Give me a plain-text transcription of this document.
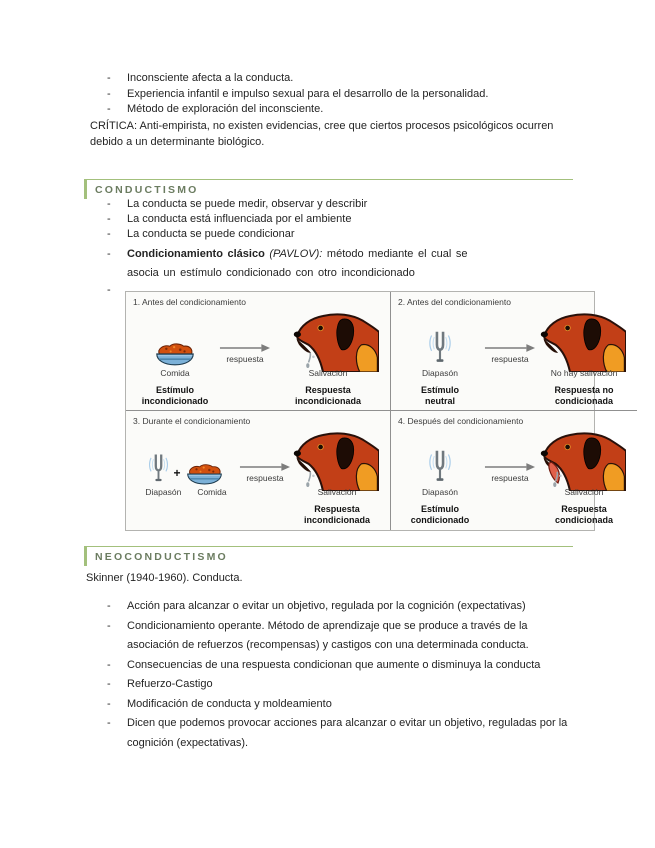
- Inconsciente afecta a la conducta.
- Experiencia infantil e impulso sexual para el desarrollo de la personalidad.
- Método de exploración del inconsciente.

CRÍTICA: Anti-empirista, no existen evidencias, cree que ciertos procesos psicológicos ocurren debido a un determinante biológico.

CONDUCTISMO
- La conducta se puede medir, observar y describir
- La conducta está influenciada por el ambiente
- La conducta se puede condicionar
- Condicionamiento clásico (PAVLOV): método mediante el cual se
asocia un estímulo condicionado con otro incondicionado
-
1. Antes del condicionamiento
respuesta
Comida	Salivación
Estímulo incondicionado
Respuesta incondicionada
2. Antes del condicionamiento
respuesta
Diapasón	No hay salivación
Estímulo neutral
Respuesta no condicionada
3. Durante el condicionamiento
+	respuesta
Diapasón Comida	Salivación
Respuesta incondicionada
4. Después del condicionamiento
respuesta
Diapasón	Salivación
Estímulo condicionado
Respuesta condicionada
NEOCONDUCTISMO

Skinner (1940-1960). Conducta.

- Acción para alcanzar o evitar un objetivo, regulada por la cognición (expectativas)
- Condicionamiento operante. Método de aprendizaje que se produce a través de la asociación de refuerzos (recompensas) y castigos con una determinada conducta.
- Consecuencias de una respuesta condicionan que aumente o disminuya la conducta
- Refuerzo-Castigo
- Modificación de conducta y moldeamiento
- Dicen que podemos provocar acciones para alcanzar o evitar un objetivo, reguladas por la cognición (expectativas).
